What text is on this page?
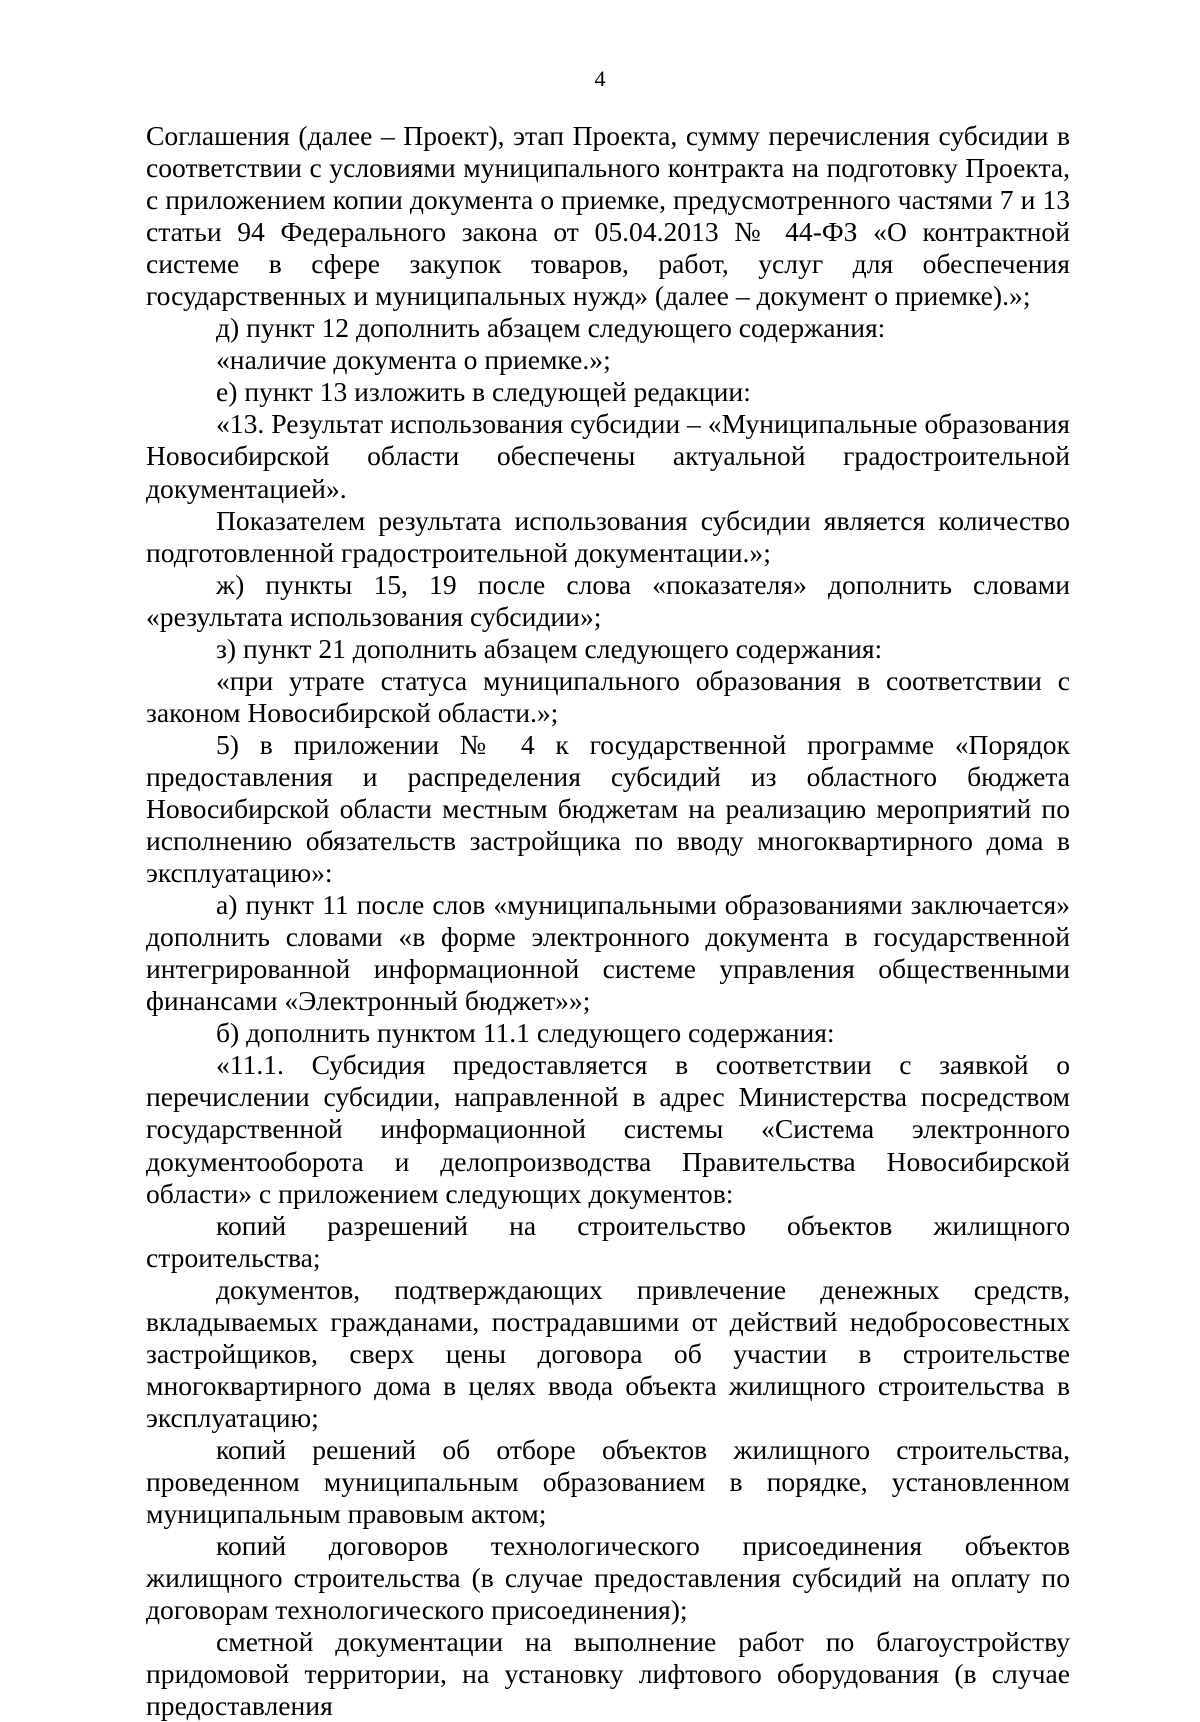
4

Соглашения (далее – Проект), этап Проекта, сумму перечисления субсидии в соответствии с условиями муниципального контракта на подготовку Проекта, с приложением копии документа о приемке, предусмотренного частями 7 и 13 статьи 94 Федерального закона от 05.04.2013 № 44-ФЗ «О контрактной системе в сфере закупок товаров, работ, услуг для обеспечения государственных и муниципальных нужд» (далее – документ о приемке).»;

д) пункт 12 дополнить абзацем следующего содержания:

«наличие документа о приемке.»;

е) пункт 13 изложить в следующей редакции:

«13. Результат использования субсидии – «Муниципальные образования Новосибирской области обеспечены актуальной градостроительной документацией».

Показателем результата использования субсидии является количество подготовленной градостроительной документации.»;

ж) пункты 15, 19 после слова «показателя» дополнить словами «результата использования субсидии»;

з) пункт 21 дополнить абзацем следующего содержания:

«при утрате статуса муниципального образования в соответствии с законом Новосибирской области.»;

5) в приложении № 4 к государственной программе «Порядок предоставления и распределения субсидий из областного бюджета Новосибирской области местным бюджетам на реализацию мероприятий по исполнению обязательств застройщика по вводу многоквартирного дома в эксплуатацию»:

а) пункт 11 после слов «муниципальными образованиями заключается» дополнить словами «в форме электронного документа в государственной интегрированной информационной системе управления общественными финансами «Электронный бюджет»»;

б) дополнить пунктом 11.1 следующего содержания:

«11.1. Субсидия предоставляется в соответствии с заявкой о перечислении субсидии, направленной в адрес Министерства посредством государственной информационной системы «Система электронного документооборота и делопроизводства Правительства Новосибирской области» с приложением следующих документов:

копий разрешений на строительство объектов жилищного строительства;

документов, подтверждающих привлечение денежных средств, вкладываемых гражданами, пострадавшими от действий недобросовестных застройщиков, сверх цены договора об участии в строительстве многоквартирного дома в целях ввода объекта жилищного строительства в эксплуатацию;

копий решений об отборе объектов жилищного строительства, проведенном муниципальным образованием в порядке, установленном муниципальным правовым актом;

копий договоров технологического присоединения объектов жилищного строительства (в случае предоставления субсидий на оплату по договорам технологического присоединения);

сметной документации на выполнение работ по благоустройству придомовой территории, на установку лифтового оборудования (в случае предоставления
